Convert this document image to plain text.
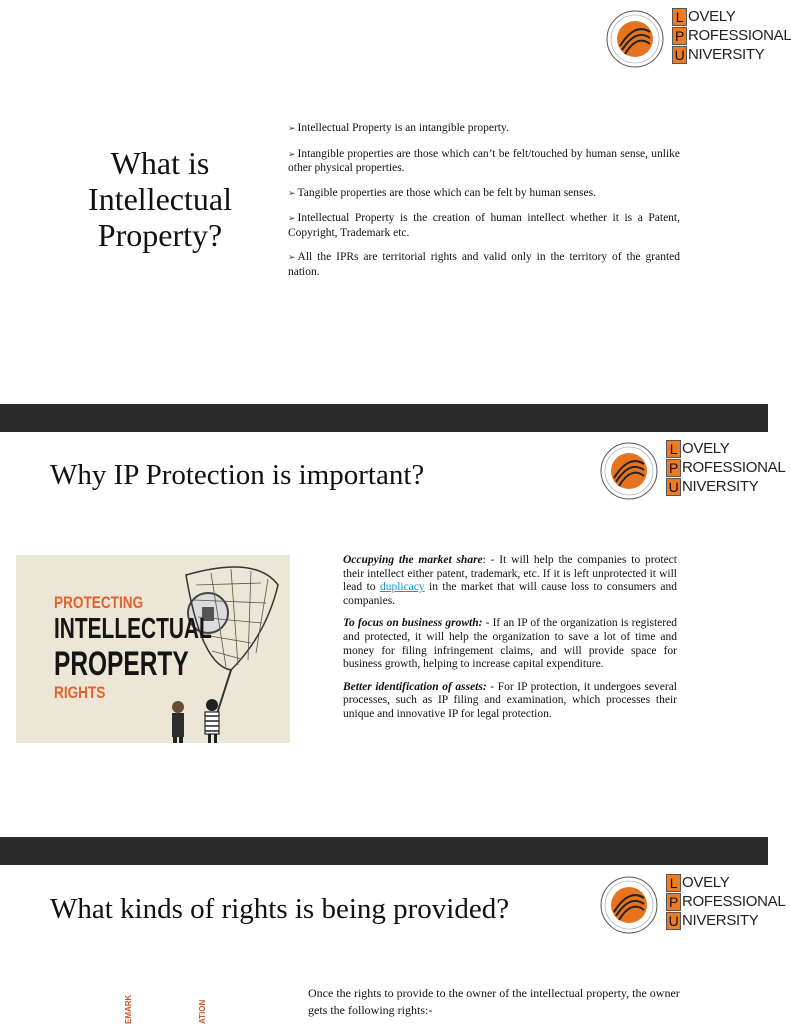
L OVELY
P ROFESSIONAL
U NIVERSITY
What is
Intellectual
Property?
➢ Intellectual Property is an intangible property.
➢ Intangible properties are those which can’t be felt/touched by human sense, unlike other physical properties.
➢ Tangible properties are those which can be felt by human senses.
➢ Intellectual Property is the creation of human intellect whether it is a Patent, Copyright, Trademark etc.
➢ All the IPRs are territorial rights and valid only in the territory of the granted nation.
Why IP Protection is important?
L OVELY
P ROFESSIONAL
U NIVERSITY
PROTECTING
INTELLECTUAL
PROPERTY
RIGHTS

Occupying the market share: - It will help the companies to protect their intellect either patent, trademark, etc. If it is left unprotected it will lead to duplicacy in the market that will cause loss to consumers and companies.

To focus on business growth: - If an IP of the organization is registered and protected, it will help the organization to save a lot of time and money for filing infringement claims, and will provide space for business growth, helping to increase capital expenditure.

Better identification of assets: - For IP protection, it undergoes several processes, such as IP filing and examination, which processes their unique and innovative IP for legal protection.

What kinds of rights is being provided?
L OVELY
P ROFESSIONAL
U NIVERSITY
EMARK	ATION
Once the rights to provide to the owner of the intellectual property, the owner gets the following rights:-
